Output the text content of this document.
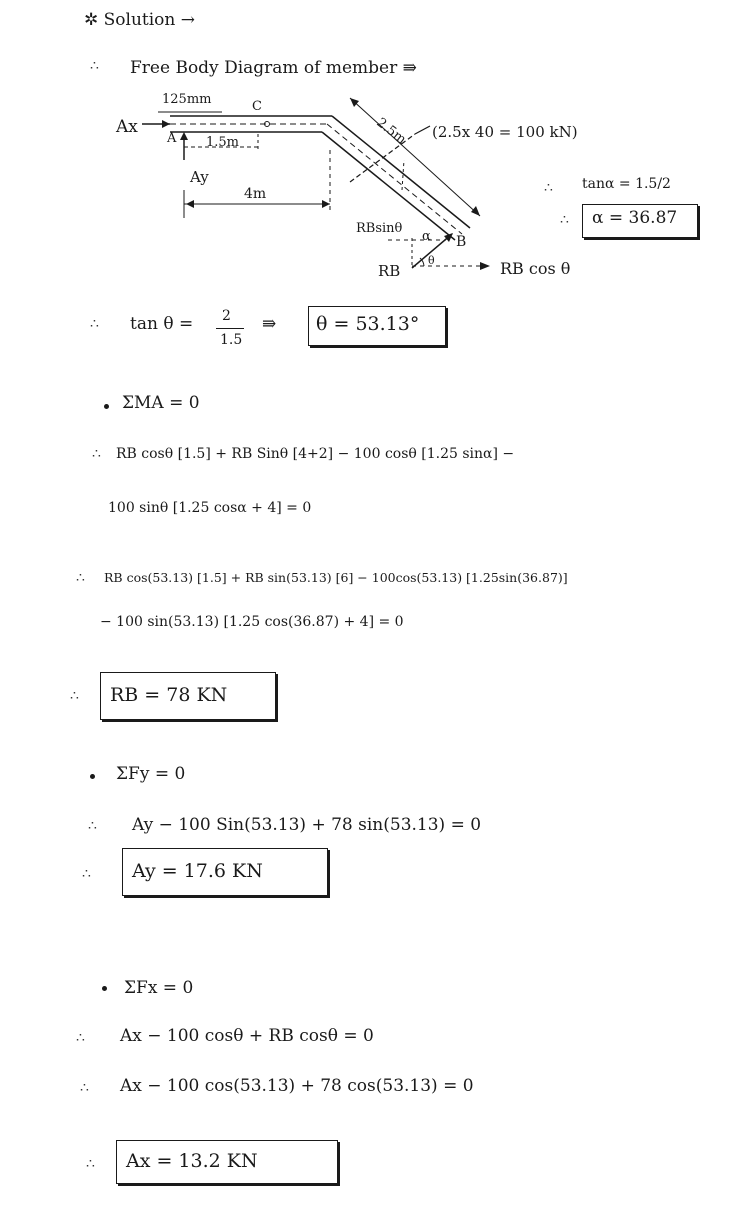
✲ Solution →
∴ Free Body Diagram of member ⇛
125mm	C
Ax
A 1.5m
Ay
4m
2.5m (2.5x 40 = 100 kN)
RBsinθ
α B
RB
θ	RB cos θ
∴ tanα = 1.5/2
∴ α = 36.87
∴ tan θ = 2
1.5
⇛ θ = 53.13°
ΣMA = 0
∴ RB cosθ [1.5] + RB Sinθ [4+2] − 100 cosθ [1.25 sinα] −
100 sinθ [1.25 cosα + 4] = 0
∴ RB cos(53.13) [1.5] + RB sin(53.13) [6] − 100cos(53.13) [1.25sin(36.87)]
− 100 sin(53.13) [1.25 cos(36.87) + 4] = 0
∴ RB = 78 KN
ΣFy = 0
∴ Ay − 100 Sin(53.13) + 78 sin(53.13) = 0
∴ Ay = 17.6 KN
ΣFx = 0
∴ Ax − 100 cosθ + RB cosθ = 0
∴ Ax − 100 cos(53.13) + 78 cos(53.13) = 0
∴ Ax = 13.2 KN
